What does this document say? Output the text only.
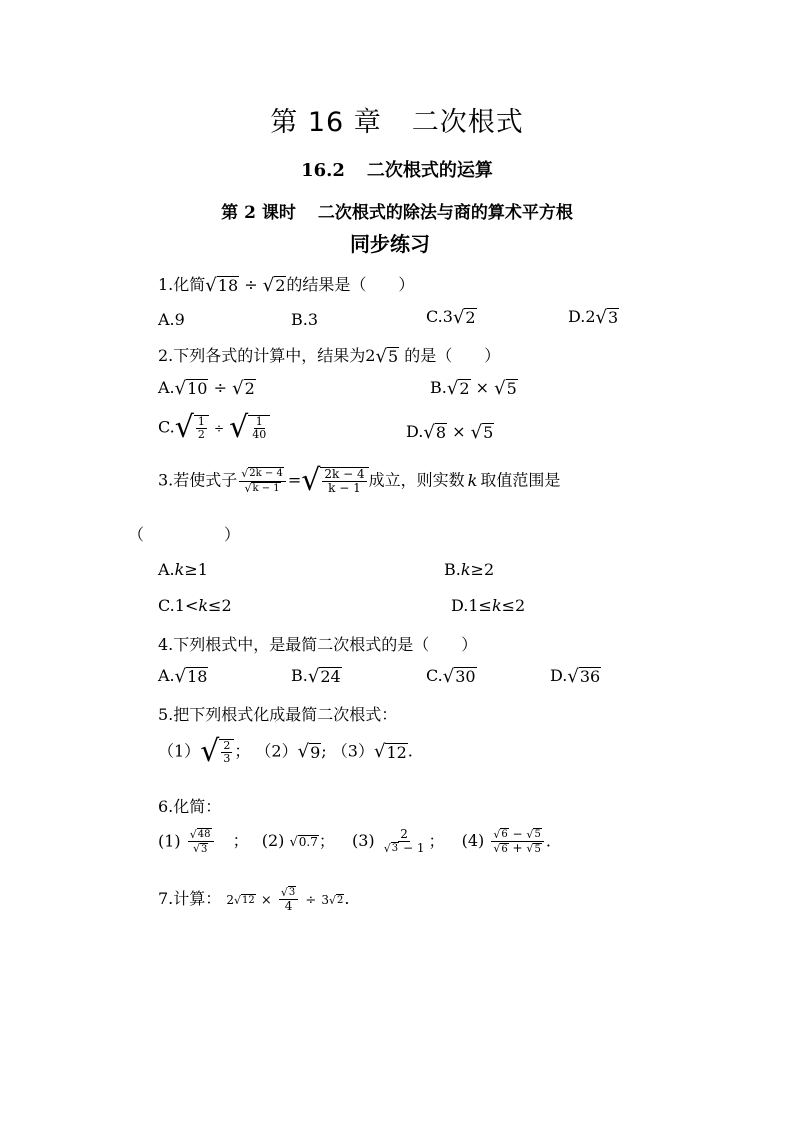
第 16 章 二次根式
16.2 二次根式的运算
第 2 课时 二次根式的除法与商的算术平方根
同步练习
1.化简√18 ÷ √2的结果是（　　）
A.9	B.3	C.3√2	D.2√3
2.下列各式的计算中，结果为2√5 的是（　　）
A.√10 ÷ √2	B.√2 × √5
$C.√ \frac{1}{2}$ ÷ √ $\frac{1}{40}$	D.√8 × √5
3.若使式子 $\frac{√2k - 4}{√k - 1}$ =√ $\frac{2k - 4}{k - 1}$ 成立，则实数 k 取值范围是
（　　　　　）
A.k≥1	B.k≥2
C.1<k≤2	D.1≤k≤2
4.下列根式中，是最简二次根式的是（　　）
A.√18	B.√24	C.√30	D.√36
5.把下列根式化成最简二次根式：
$(1)√ \frac{2}{3}$ ； （2）√9; （3）√12.
6.化简：
$(1) \frac{√48}{√3}$ ； (2) √0.7； $(3) \frac{2}{√3 - 1}$ ； $(4) \frac{√6 - √5}{√6 + √5}$ .
7.计算： $2√12 \times \frac{√3}{4} \div 3√2$.
